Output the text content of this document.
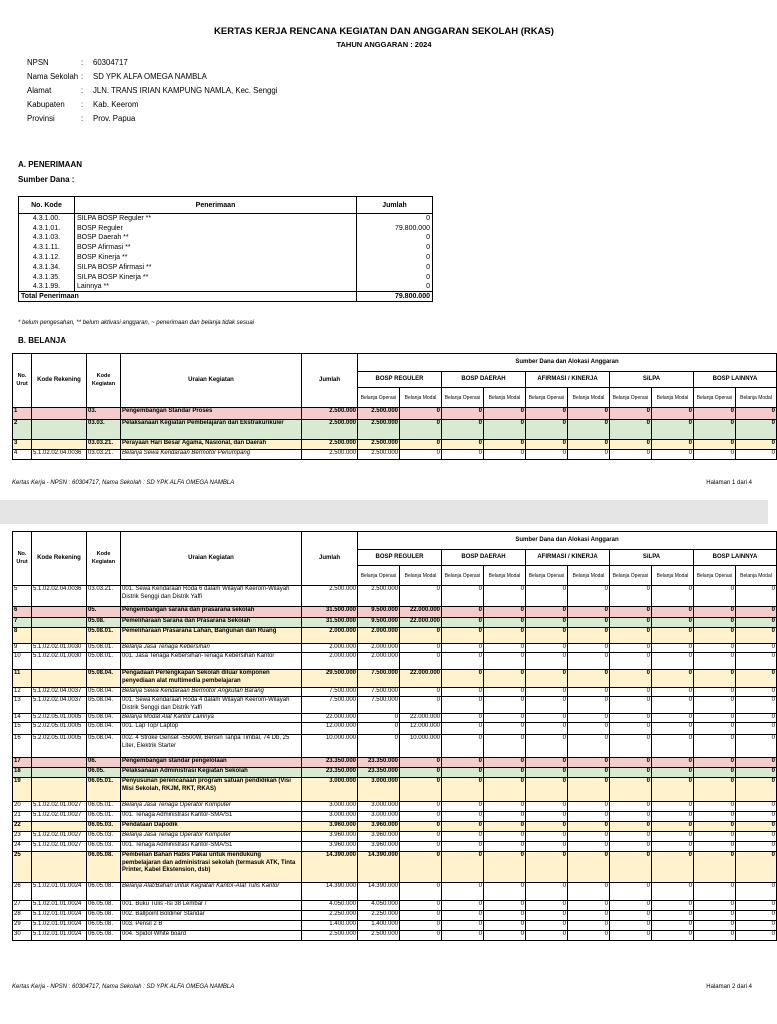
KERTAS KERJA RENCANA KEGIATAN DAN ANGGARAN SEKOLAH (RKAS)
TAHUN ANGGARAN : 2024
NPSN	: 60304717
Nama Sekolah : SD YPK ALFA OMEGA NAMBLA
Alamat	: JLN. TRANS IRIAN KAMPUNG NAMLA, Kec. Senggi
Kabupaten : Kab. Keerom
Provinsi	: Prov. Papua
A. PENERIMAAN
Sumber Dana :
No. Kode	Penerimaan	Jumlah
4.3.1.00.	SILPA BOSP Reguler **	0
4.3.1.01.	BOSP Reguler	79.800.000
4.3.1.03.	BOSP Daerah **	0
4.3.1.11.	BOSP Afirmasi **	0
4.3.1.12.	BOSP Kinerja **	0
4.3.1.34.	SILPA BOSP Afirmasi **	0
4.3.1.35.	SILPA BOSP Kinerja **	0
4.3.1.99.	Lainnya **	0
Total Penerimaan		79.800.000
* belum pengesahan, ** belum aktivasi anggaran, ~ penerimaan dan belanja tidak sesuai
B. BELANJA
No. Urut	Kode Rekening	Kode Kegiatan	Uraian Kegiatan	Jumlah	Sumber Dana dan Alokasi Anggaran									
					BOSP REGULER		BOSP DAERAH		AFIRMASI / KINERJA		SiLPA		BOSP LAINNYA	
					Belanja Operasi	Belanja Modal	Belanja Operasi	Belanja Modal	Belanja Operasi	Belanja Modal	Belanja Operasi	Belanja Modal	Belanja Operasi	Belanja Modal
1		03.	Pengembangan Standar Proses	2.500.000	2.500.000	0	0	0	0	0	0	0	0	0
2		03.03.	Pelaksanaan Kegiatan Pembelajaran dan Ekstrakurikuler	2.500.000	2.500.000	0	0	0	0	0	0	0	0	0
3		03.03.21.	Perayaan Hari Besar Agama, Nasional, dan Daerah	2.500.000	2.500.000	0	0	0	0	0	0	0	0	0
4	5.1.02.02.04.0036	03.03.21.	Belanja Sewa Kendaraan Bermotor Penumpang	2.500.000	2.500.000	0	0	0	0	0	0	0	0	0
Kertas Kerja - NPSN : 60304717, Nama Sekolah : SD YPK ALFA OMEGA NAMBLA	Halaman 1 dari 4
No. Urut	Kode Rekening	Kode Kegiatan	Uraian Kegiatan	Jumlah	Sumber Dana dan Alokasi Anggaran									
					BOSP REGULER		BOSP DAERAH		AFIRMASI / KINERJA		SiLPA		BOSP LAINNYA	
					Belanja Operasi	Belanja Modal	Belanja Operasi	Belanja Modal	Belanja Operasi	Belanja Modal	Belanja Operasi	Belanja Modal	Belanja Operasi	Belanja Modal
5	5.1.02.02.04.0036	03.03.21.	001. Sewa Kendaraan Roda 6 dalam Wilayah Keerom-Wilayah Distrik Senggi dan Distrik Yaffi	2.500.000	2.500.000	0	0	0	0	0	0	0	0	0
6		05.	Pengembangan sarana dan prasarana sekolah	31.500.000	9.500.000	22.000.000	0	0	0	0	0	0	0	0
7		05.08.	Pemeliharaan Sarana dan Prasarana Sekolah	31.500.000	9.500.000	22.000.000	0	0	0	0	0	0	0	0
8		05.08.01.	Pemeliharaan Prasarana Lahan, Bangunan dan Ruang	2.000.000	2.000.000	0	0	0	0	0	0	0	0	0
9	5.1.02.02.01.0030	05.08.01.	Belanja Jasa Tenaga Kebersihan	2.000.000	2.000.000	0	0	0	0	0	0	0	0	0
10	5.1.02.02.01.0030	05.08.01.	001. Jasa Tenaga Kebersihan-Tenaga Kebersihan Kantor	2.000.000	2.000.000	0	0	0	0	0	0	0	0	0
11		05.08.04.	Pengadaan Perlengkapan Sekolah diluar komponen penyediaan alat multimedia pembelajaran	29.500.000	7.500.000	22.000.000	0	0	0	0	0	0	0	0
12	5.1.02.02.04.0037	05.08.04.	Belanja Sewa Kendaraan Bermotor Angkutan Barang	7.500.000	7.500.000	0	0	0	0	0	0	0	0	0
13	5.1.02.02.04.0037	05.08.04.	001. Sewa Kendaraan Roda 4 dalam Wilayah Keerom-Wilayah Distrik Senggi dan Distrik Yaffi	7.500.000	7.500.000	0	0	0	0	0	0	0	0	0
14	5.2.02.05.01.0005	05.08.04.	Belanja Modal Alat Kantor Lainnya	22.000.000	0	22.000.000	0	0	0	0	0	0	0	0
15	5.2.02.05.01.0005	05.08.04.	001. Lap Top/ Laptop	12.000.000	0	12.000.000	0	0	0	0	0	0	0	0
16	5.2.02.05.01.0005	05.08.04.	002. 4 Stroke Genset -5500W, Bensin Tanpa Timbal, 74 Db, 25 Liter, Elektrik Starter	10.000.000	0	10.000.000	0	0	0	0	0	0	0	0
17		06.	Pengembangan standar pengelolaan	23.350.000	23.350.000	0	0	0	0	0	0	0	0	0
18		06.05.	Pelaksanaan Administrasi Kegiatan Sekolah	23.350.000	23.350.000	0	0	0	0	0	0	0	0	0
19		06.05.01.	Penyusunan perencanaan program satuan pendidikan (Visi Misi Sekolah, RKJM, RKT, RKAS)	3.000.000	3.000.000	0	0	0	0	0	0	0	0	0
20	5.1.02.02.01.0027	06.05.01.	Belanja Jasa Tenaga Operator Komputer	3.000.000	3.000.000	0	0	0	0	0	0	0	0	0
21	5.1.02.02.01.0027	06.05.01.	001. Tenaga Administrasi Kantor-SMA/S1	3.000.000	3.000.000	0	0	0	0	0	0	0	0	0
22		06.05.03.	Pendataan Dapodik	3.960.000	3.960.000	0	0	0	0	0	0	0	0	0
23	5.1.02.02.01.0027	06.05.03.	Belanja Jasa Tenaga Operator Komputer	3.960.000	3.960.000	0	0	0	0	0	0	0	0	0
24	5.1.02.02.01.0027	06.05.03.	001. Tenaga Administrasi Kantor-SMA/S1	3.960.000	3.960.000	0	0	0	0	0	0	0	0	0
25		06.05.08.	Pembelian Bahan Habis Pakai untuk mendukung pembelajaran dan administrasi sekolah (termasuk ATK, Tinta Printer, Kabel Ekstension, dsb)	14.390.000	14.390.000	0	0	0	0	0	0	0	0	0
26	5.1.02.01.01.0024	06.05.08.	Belanja Alat/Bahan untuk Kegiatan Kantor-Alat Tulis Kantor	14.390.000	14.390.000	0	0	0	0	0	0	0	0	0
27	5.1.02.01.01.0024	06.05.08.	001. Buku Tulis -Isi 38 Lembar /	4.050.000	4.050.000	0	0	0	0	0	0	0	0	0
28	5.1.02.01.01.0024	06.05.08.	002. Ballpoint Boldiner Standar	2.250.000	2.250.000	0	0	0	0	0	0	0	0	0
29	5.1.02.01.01.0024	06.05.08.	003. Pensil 2 B	1.400.000	1.400.000	0	0	0	0	0	0	0	0	0
30	5.1.02.01.01.0024	06.05.08.	004. Spidol White board	2.500.000	2.500.000	0	0	0	0	0	0	0	0	0
Kertas Kerja - NPSN : 60304717, Nama Sekolah : SD YPK ALFA OMEGA NAMBLA	Halaman 2 dari 4
